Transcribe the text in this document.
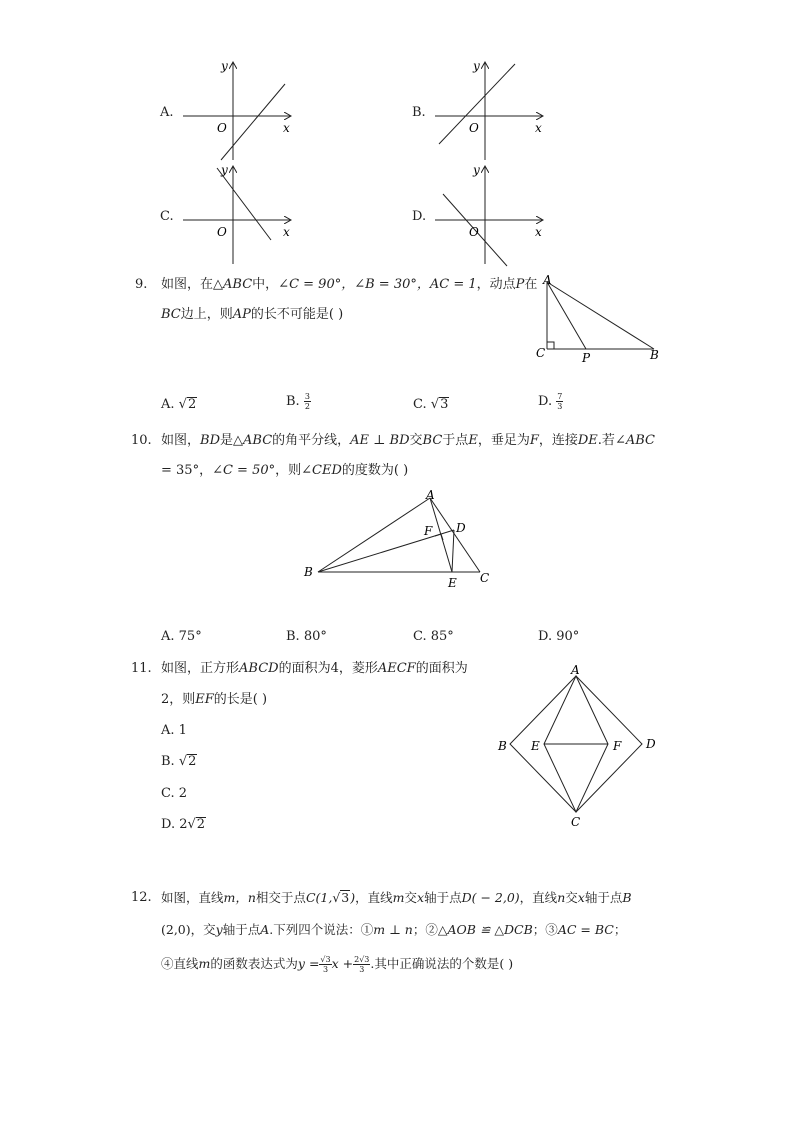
A.
O	x
y
B.
O	x
y
C.
O	x
y
D.
O	x
y
9. 如图，在△ABC中，∠C = 90°，∠B = 30°，AC = 1，动点P在
BC边上，则AP的长不可能是( )
A
C	P	B
A. √2	B. $\frac{3}{2}$	C. √3	D. $\frac{7}{3}$
10. 如图，BD是△ABC的角平分线，AE ⊥ BD交BC于点E，垂足为F，连接DE.若∠ABC
= 35°，∠C = 50°，则∠CED的度数为( )
A
B	C
D
E
F
A. 75°	B. 80°	C. 85°	D. 90°
11. 如图，正方形ABCD的面积为4，菱形AECF的面积为
2，则EF的长是( )
A. 1
B. √2
C. 2
D. 2√2
A
B	D
C
E	F
12. 如图，直线m，n相交于点C(1,√3)，直线m交x轴于点D( − 2,0)，直线n交x轴于点B
(2,0)，交y轴于点A.下列四个说法：①m ⊥ n；②△AOB ≌ △DCB；③AC = BC；
④直线m的函数表达式为$y = \frac{√3}{3}$ $x + \frac{2√3}{3}$ .其中正确说法的个数是( )
